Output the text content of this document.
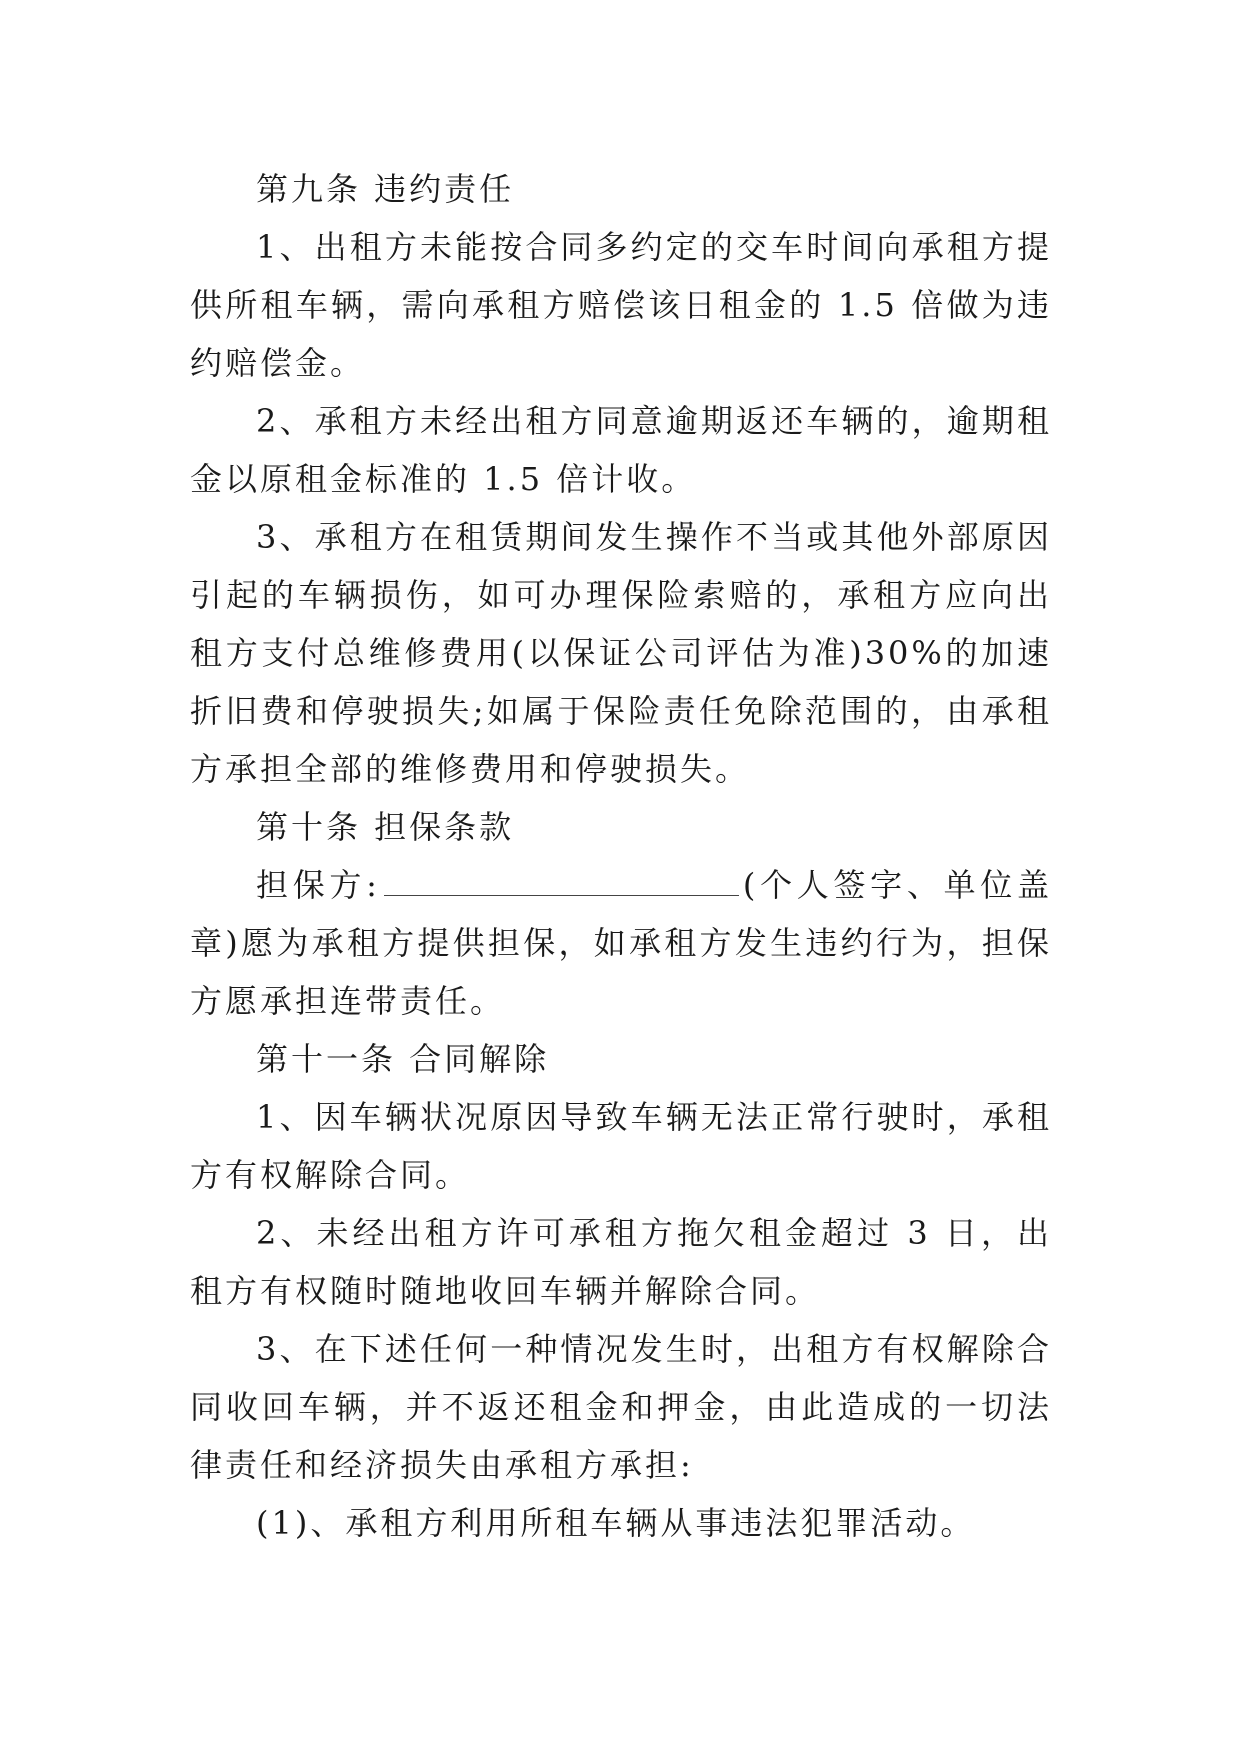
第九条 违约责任

1、出租方未能按合同多约定的交车时间向承租方提供所租车辆，需向承租方赔偿该日租金的 1.5 倍做为违约赔偿金。

2、承租方未经出租方同意逾期返还车辆的，逾期租金以原租金标准的 1.5 倍计收。

3、承租方在租赁期间发生操作不当或其他外部原因引起的车辆损伤，如可办理保险索赔的，承租方应向出租方支付总维修费用(以保证公司评估为准)30%的加速折旧费和停驶损失;如属于保险责任免除范围的，由承租方承担全部的维修费用和停驶损失。

第十条 担保条款

担保方:	(个人签字、单位盖章)愿为承租方提供担保，如承租方发生违约行为，担保方愿承担连带责任。

第十一条 合同解除

1、因车辆状况原因导致车辆无法正常行驶时，承租方有权解除合同。

2、未经出租方许可承租方拖欠租金超过 3 日，出租方有权随时随地收回车辆并解除合同。

3、在下述任何一种情况发生时，出租方有权解除合同收回车辆，并不返还租金和押金，由此造成的一切法律责任和经济损失由承租方承担:

(1)、承租方利用所租车辆从事违法犯罪活动。
